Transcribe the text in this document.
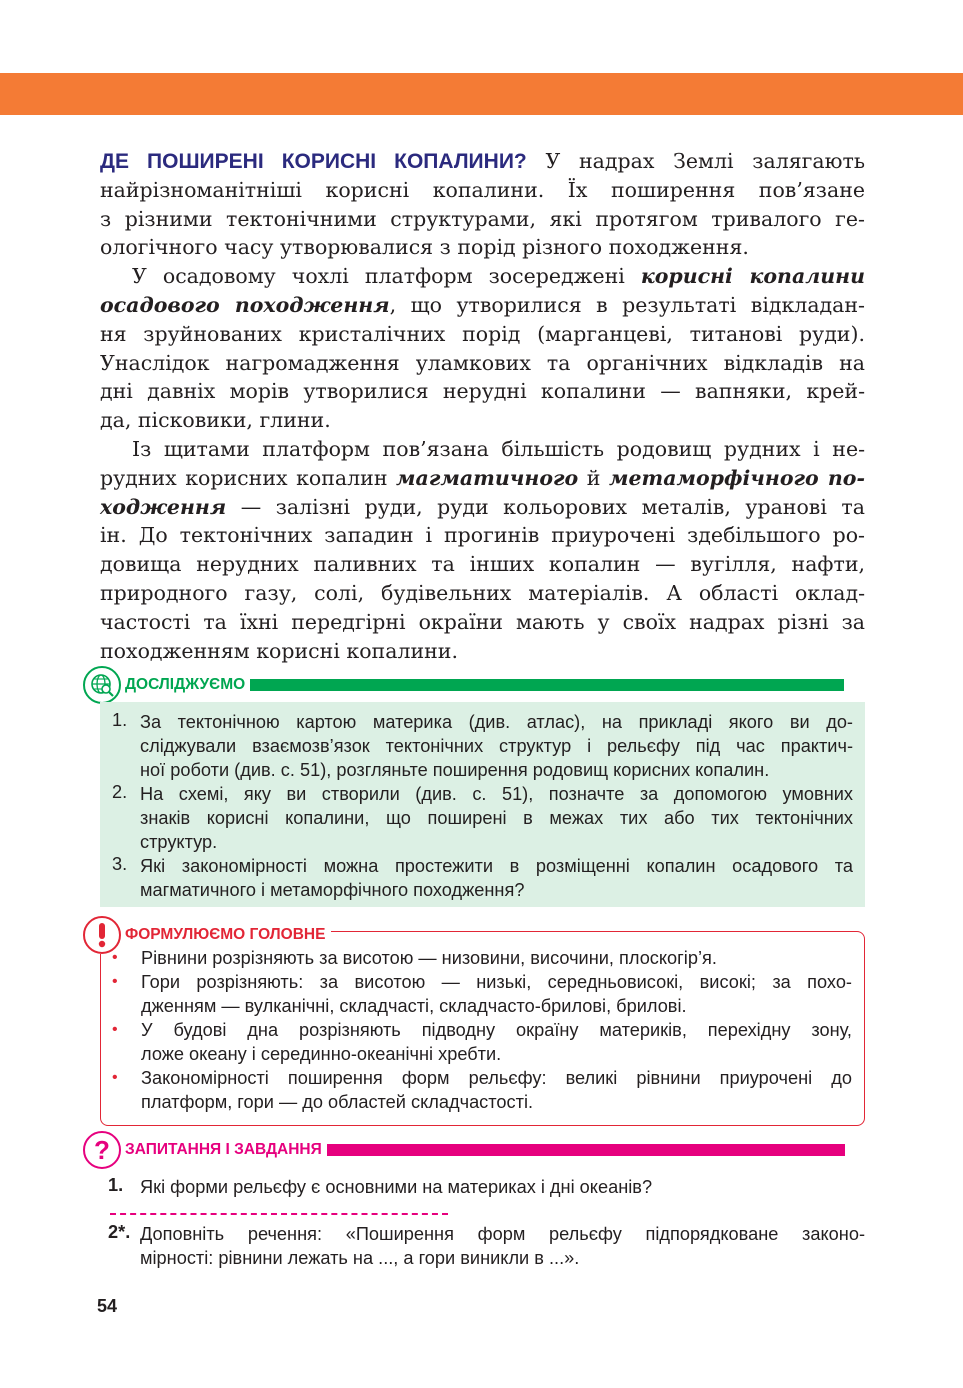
ДЕ ПОШИРЕНІ КОРИСНІ КОПАЛИНИ? У надрах Землі залягають
найрізноманітніші корисні копалини. Їх поширення пов’язане
з різними тектонічними структурами, які протягом тривалого ге-
ологічного часу утворювалися з порід різного походження.
У осадовому чохлі платформ зосереджені корисні копалини
осадового походження, що утворилися в результаті відкладан-
ня зруйнованих кристалічних порід (марганцеві, титанові руди).
Унаслідок нагромадження уламкових та органічних відкладів на
дні давніх морів утворилися нерудні копалини — вапняки, крей-
да, пісковики, глини.
Із щитами платформ пов’язана більшість родовищ рудних і не-
рудних корисних копалин магматичного й метаморфічного по-
ходження — залізні руди, руди кольорових металів, уранові та
ін. До тектонічних западин і прогинів приурочені здебільшого ро-
довища нерудних паливних та інших копалин — вугілля, нафти,
природного газу, солі, будівельних матеріалів. А області оклад-
частості та їхні передгірні окраїни мають у своїх надрах різні за
походженням корисні копалини.
ДОСЛІДЖУЄМО
1. За тектонічною картою материка (див. атлас), на прикладі якого ви до-
сліджували взаємозв’язок тектонічних структур і рельєфу під час практич-
ної роботи (див. с. 51), розгляньте поширення родовищ корисних копалин.
2. На схемі, яку ви створили (див. с. 51), позначте за допомогою умовних
знаків корисні копалини, що поширені в межах тих або тих тектонічних
структур.
3. Які закономірності можна простежити в розміщенні копалин осадового та
магматичного і метаморфічного походження?
ФОРМУЛЮЄМО ГОЛОВНЕ
• Рівнини розрізняють за висотою — низовини, височини, плоскогір’я.
• Гори розрізняють: за висотою — низькі, середньовисокі, високі; за похо-
дженням — вулканічні, складчасті, складчасто-брилові, брилові.
• У будові дна розрізняють підводну окраїну материків, перехідну зону,
ложе океану і серединно-океанічні хребти.
• Закономірності поширення форм рельєфу: великі рівнини приурочені до
платформ, гори — до областей складчастості.
? ЗАПИТАННЯ І ЗАВДАННЯ
1. Які форми рельєфу є основними на материках і дні океанів?
2*. Доповніть речення: «Поширення форм рельєфу підпорядковане законо-
мірності: рівнини лежать на ..., а гори виникли в ...».
54
